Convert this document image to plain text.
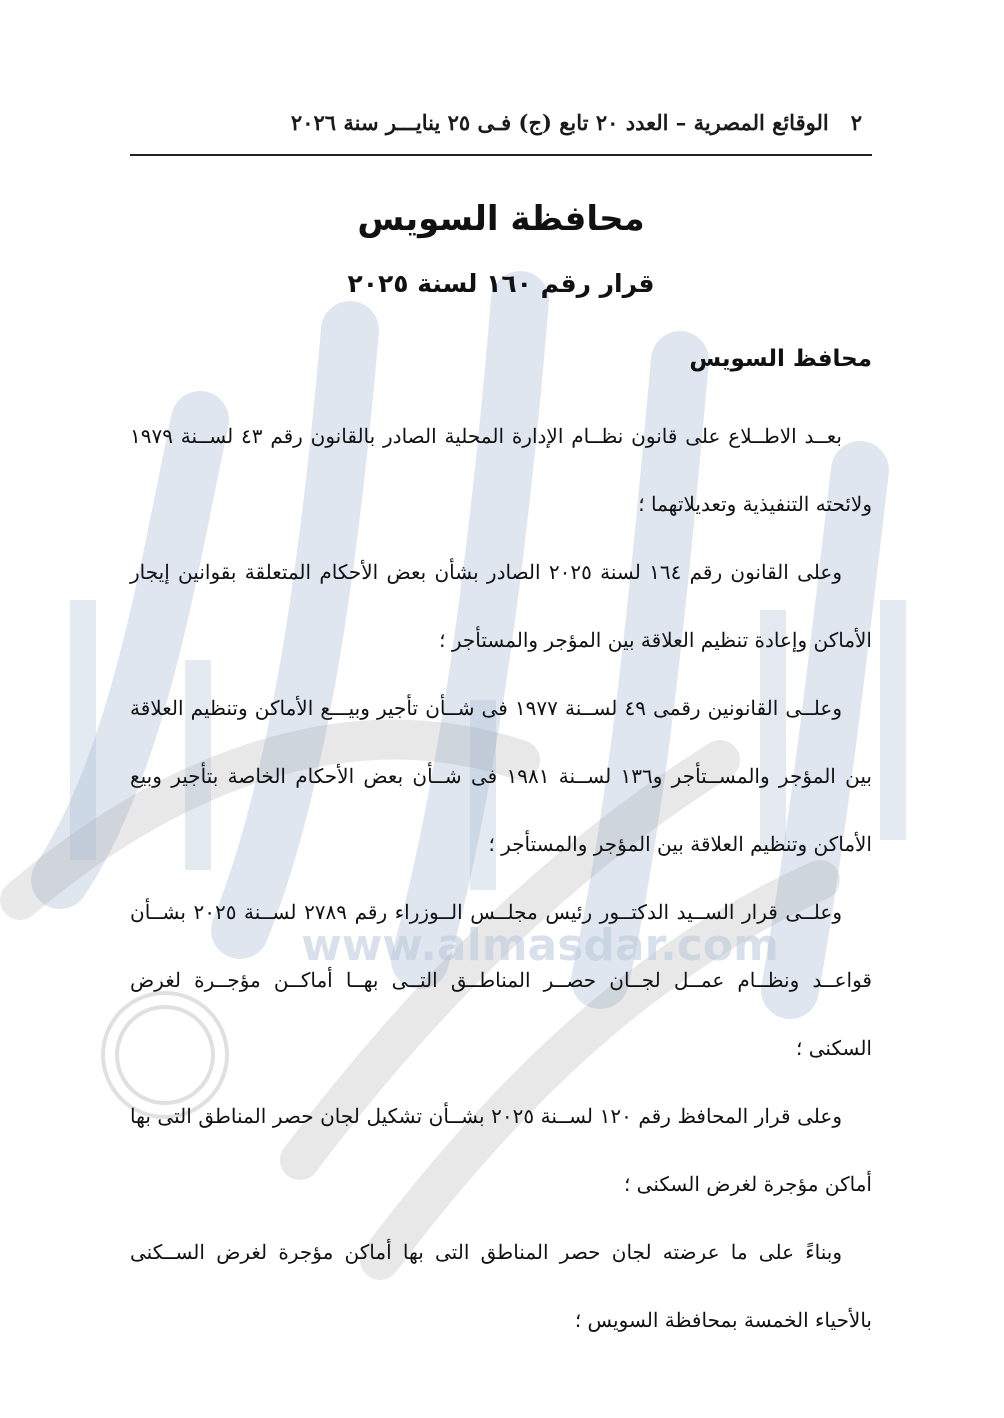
www.almasdar.com
٢
الوقائع المصرية – العدد ٢٠ تابع (ج) فـى ٢٥ ينايـــر سنة ٢٠٢٦
محافظة السويس
قرار رقم ١٦٠ لسنة ٢٠٢٥
محافظ السويس

بعــد الاطــلاع على قانون نظــام الإدارة المحلية الصادر بالقانون رقم ٤٣ لســنة ١٩٧٩ ولائحته التنفيذية وتعديلاتهما ؛

وعلى القانون رقم ١٦٤ لسنة ٢٠٢٥ الصادر بشأن بعض الأحكام المتعلقة بقوانين إيجار الأماكن وإعادة تنظيم العلاقة بين المؤجر والمستأجر ؛

وعلــى القانونين رقمى ٤٩ لســنة ١٩٧٧ فى شــأن تأجير وبيـــع الأماكن وتنظيم العلاقة بين المؤجر والمســتأجر و١٣٦ لســنة ١٩٨١ فى شــأن بعض الأحكام الخاصة بتأجير وبيع الأماكن وتنظيم العلاقة بين المؤجر والمستأجر ؛

وعلــى قرار الســيد الدكتــور رئيس مجلــس الــوزراء رقم ٢٧٨٩ لســنة ٢٠٢٥ بشــأن قواعــد ونظــام عمــل لجــان حصــر المناطــق التــى بهــا أماكــن مؤجــرة لغرض السكنى ؛

وعلى قرار المحافظ رقم ١٢٠ لســنة ٢٠٢٥ بشــأن تشكيل لجان حصر المناطق التى بها أماكن مؤجرة لغرض السكنى ؛

وبناءً على ما عرضته لجان حصر المناطق التى بها أماكن مؤجرة لغرض الســكنى بالأحياء الخمسة بمحافظة السويس ؛
